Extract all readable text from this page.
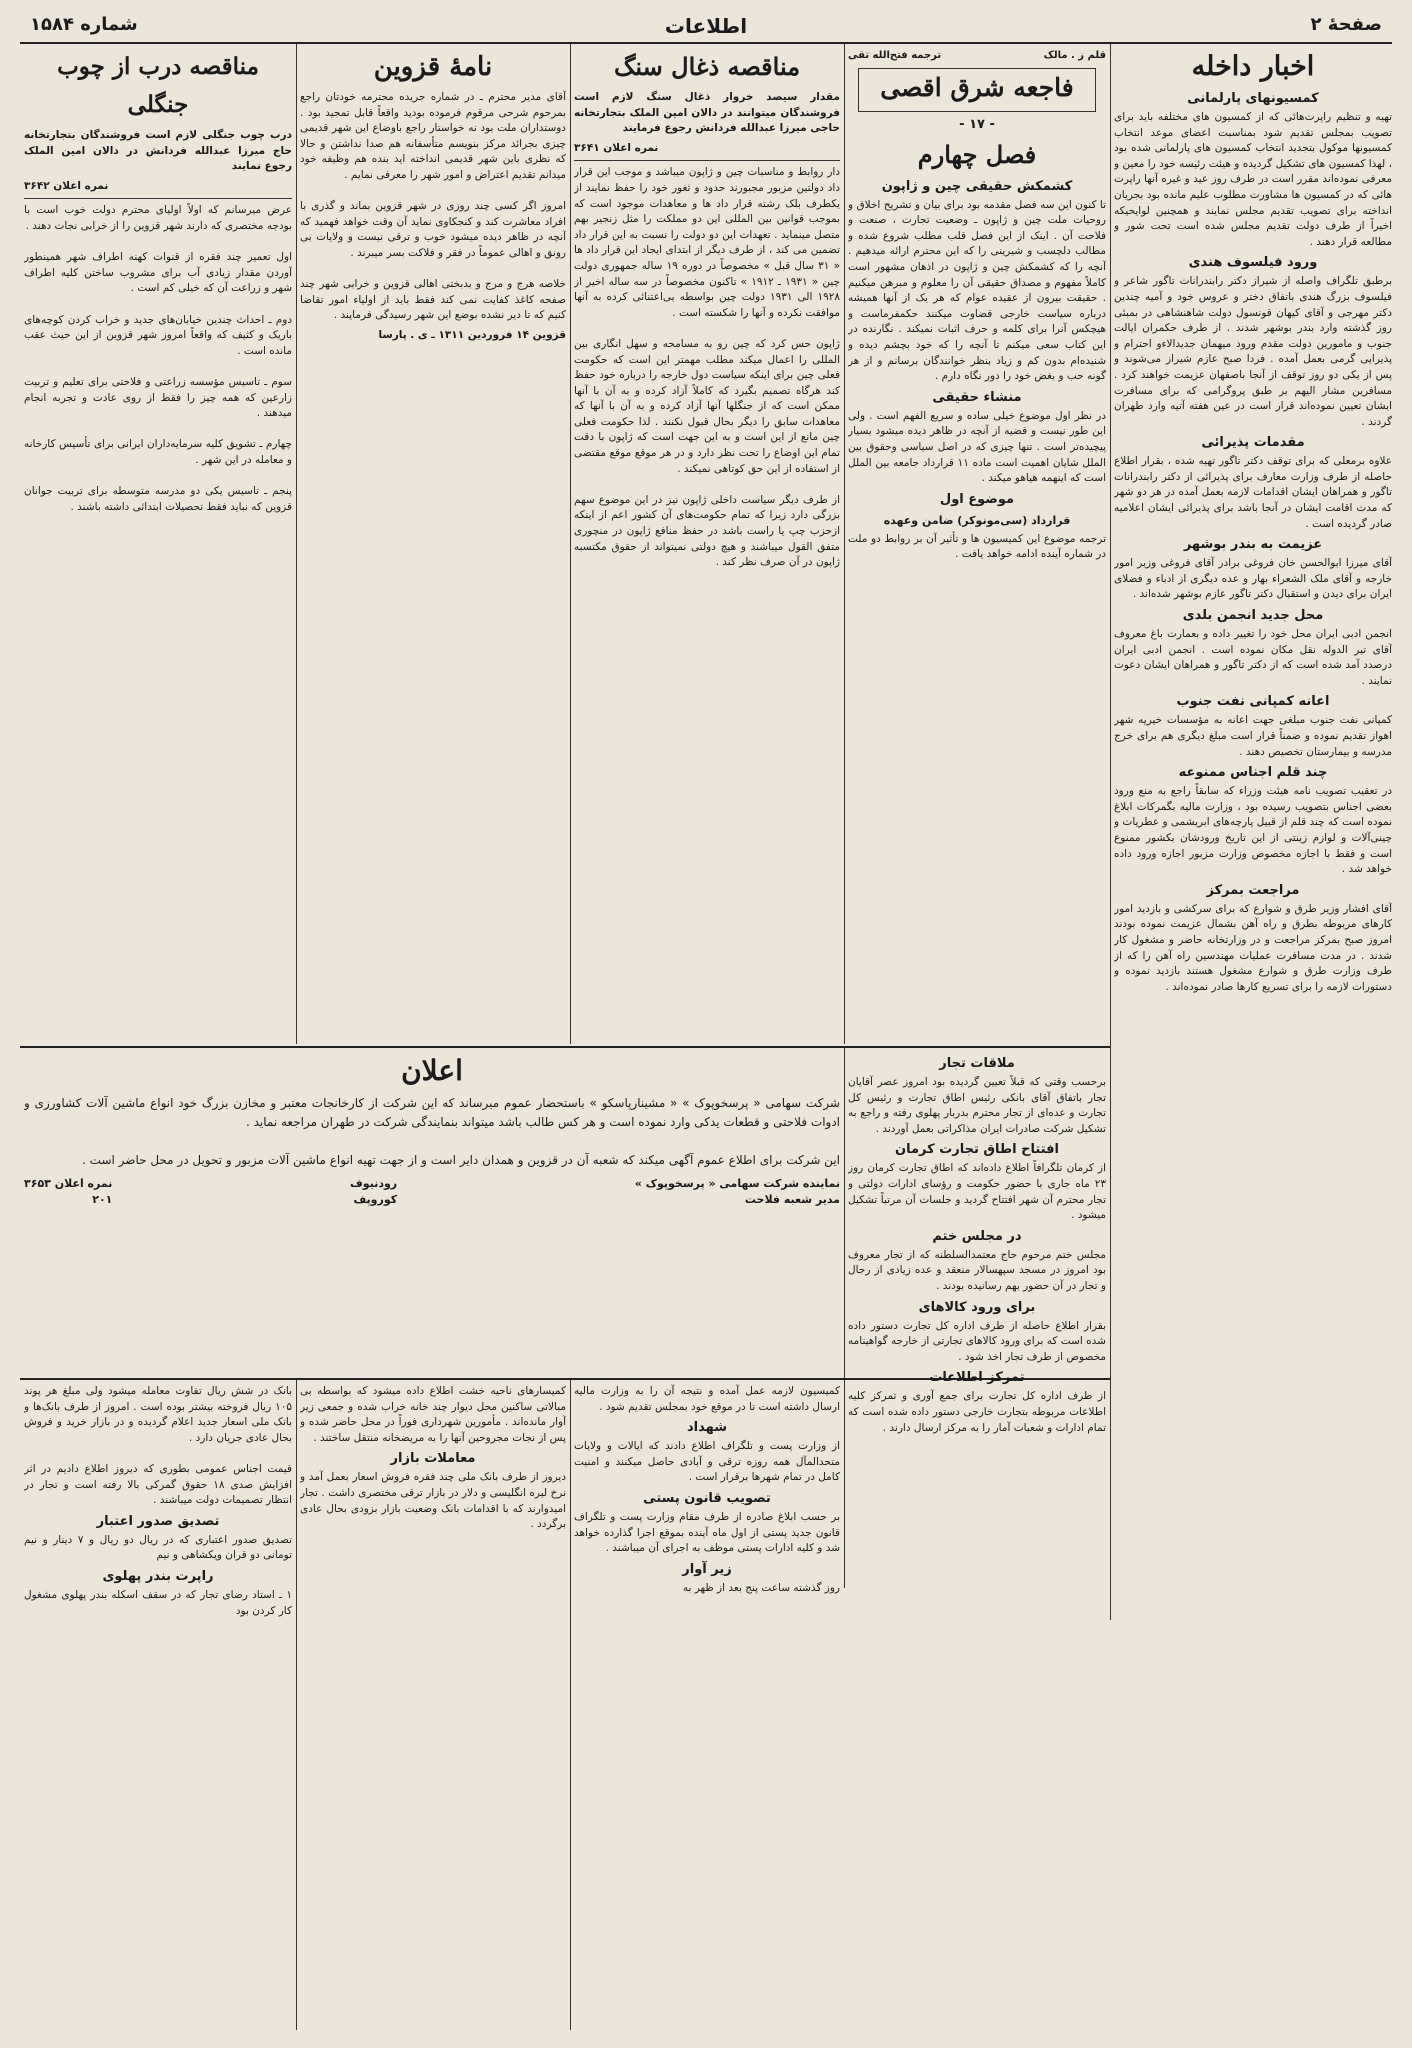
صفحهٔ ۲
اطلاعات
شماره ۱۵۸۴
اخبار داخله
کمسیونهای پارلمانی

تهیه و تنظیم راپرت‌هائی که از کمسیون های مختلفه باید برای تصویب بمجلس تقدیم شود بمناسبت اعضای موعد انتخاب کمسیونها موکول بتجدید انتخاب کمسیون های پارلمانی شده بود ، لهذا کمسیون های تشکیل گردیده و هیئت رئیسه خود را معین و معرفی نموده‌اند مقرر است در طرف روز عید و غیره آنها راپرت هائی که در کمسیون ها مشاورت مطلوب علیم مانده بود بجریان انداخته برای تصویب تقدیم مجلس نمایند و همچنین لوایحیکه اخیراً از طرف دولت تقدیم مجلس شده است تحت شور و مطالعه قرار دهند .

ورود فیلسوف هندی

برطبق تلگراف واصله از شیراز دکتر رابندرانات تاگور شاعر و فیلسوف بزرگ هندی باتفاق دختر و عروس خود و آمیه چندین دکتر مهرجی و آقای کیهان قونسول دولت شاهنشاهی در بمبئی روز گذشته وارد بندر بوشهر شدند . از طرف حکمران ایالت جنوب و مامورین دولت مقدم ورود میهمان جدیدالاءو احترام و پذیرایی گرمی بعمل آمده . فردا صبح عازم شیراز می‌شوند و پس از یکی دو روز توقف از آنجا باصفهان عزیمت خواهند کرد . مسافرین مشار الیهم بر طبق پروگرامی که برای مسافرت ایشان تعیین نموده‌اند قرار است در عین هفته آتیه وارد طهران گردند .

مقدمات پذیرائی

علاوه برمعلی که برای توقف دکتر تاگور تهیه شده ، بقرار اطلاع حاصله از طرف وزارت معارف برای پذیرائی از دکتر رابندرانات تاگور و همراهان ایشان اقدامات لازمه بعمل آمده در هر دو شهر که مدت اقامت ایشان در آنجا باشد برای پذیرائی ایشان اعلامیه صادر گردیده است .

عزیمت به بندر بوشهر

آقای میرزا ابوالحسن خان فروغی برادر آقای فروغی وزیر امور خارجه و آقای ملک الشعراء بهار و عده دیگری از ادباء و فضلای ایران برای دیدن و استقبال دکتر تاگور عازم بوشهر شده‌اند .

محل جدید انجمن بلدی

انجمن ادبی ایران محل خود را تغییر داده و بعمارت باغ معروف آقای تیر الدوله نقل مکان نموده است . انجمن ادبی ایران درصدد آمد شده است که از دکتر تاگور و همراهان ایشان دعوت نمایند .

اعانه کمپانی نفت جنوب

کمپانی نفت جنوب مبلغی جهت اعانه به مؤسسات خیریه شهر اهواز تقدیم نموده و ضمناً قرار است مبلغ دیگری هم برای خرج مدرسه و بیمارستان تخصیص دهند .

چند قلم اجناس ممنوعه

در تعقیب تصویب نامه هیئت وزراء که سابقاً راجع به منع ورود بعضی اجناس بتصویب رسیده بود ، وزارت مالیه بگمرکات ابلاغ نموده است که چند قلم از قبیل پارچه‌های ابریشمی و عطریات و چینی‌آلات و لوازم زینتی از این تاریخ ورودشان بکشور ممنوع است و فقط با اجازه مخصوص وزارت مزبور اجازه ورود داده خواهد شد .

مراجعت بمرکز

آقای افشار وزیر طرق و شوارع که برای سرکشی و بازدید امور کارهای مربوطه بطرق و راه آهن بشمال عزیمت نموده بودند امروز صبح بمرکز مراجعت و در وزارتخانه حاضر و مشغول کار شدند . در مدت مسافرت عملیات مهندسین راه آهن را که از طرف وزارت طرق و شوارع مشغول هستند بازدید نموده و دستورات لازمه را برای تسریع کارها صادر نموده‌اند .

قلم ز . مالک
ترجمه فتح‌الله تقی
فاجعه شرق اقصی
- ۱۷ -
فصل چهارم
کشمکش حقیقی چین و ژاپون

تا کنون این سه فصل مقدمه بود برای بیان و تشریح اخلاق و روحیات ملت چین و ژاپون ـ وضعیت تجارت ، صنعت و فلاحت آن . اینک از این فصل قلب مطلب شروع شده و مطالب دلچسب و شیرینی را که این محترم ارائه میدهیم . آنچه را که کشمکش چین و ژاپون در اذهان مشهور است کاملاً مفهوم و مصداق حقیقی آن را معلوم و مبرهن میکنیم . حقیقت بیرون از عقیده عوام که هر یک از آنها همیشه درباره سیاست خارجی قضاوت میکنند حکمفرماست و هیچکس آنرا برای کلمه و حرف اثبات نمیکند . نگارنده در این کتاب سعی میکنم تا آنچه را که خود بچشم دیده و شنیده‌ام بدون کم و زیاد بنظر خوانندگان برسانم و از هر گونه حب و بغض خود را دور نگاه دارم .

منشاء حقیقی

در نظر اول موضوع خیلی ساده و سریع الفهم است . ولی این طور نیست و قضیه از آنچه در ظاهر دیده میشود بسیار پیچیده‌تر است . تنها چیزی که در اصل سیاسی وحقوق بین الملل شایان اهمیت است ماده ۱۱ قرارداد جامعه بین الملل است که اینهمه هیاهو میکند .

موضوع اول
قرارداد (سی‌مونوکر) ضامن وعهده

ترجمه موضوع این کمیسیون ها و تأثیر آن بر روابط دو ملت در شماره آینده ادامه خواهد یافت .

مناقصه ذغال سنگ

مقدار سیصد خروار ذغال سنگ لازم است فروشندگان میتوانند در دالان امین الملک بتجارتخانه حاجی میرزا عبدالله فردانش رجوع فرمایند

نمره اعلان ۳۶۴۱

دار روابط و مناسبات چین و ژاپون میباشد و موجب این قرار داد دولتین مزبور مجبورند حدود و ثغور خود را حفظ نمایند از یکطرف بلک رشته قرار داد ها و معاهدات موجود است که بموجب قوانین بین المللی این دو مملکت را مثل زنجیر بهم متصل مینماید . تعهدات این دو دولت را نسبت به این قرار داد تضمین می کند ، از طرف دیگر از ابتدای ایجاد این قرار داد ها « ۳۱ سال قبل » مخصوصاً در دوره ۱۹ ساله جمهوری دولت چین « ۱۹۳۱ ـ ۱۹۱۲ » تاکنون مخصوصاً در سه ساله اخیر از ۱۹۲۸ الی ۱۹۳۱ دولت چین بواسطه بی‌اعتنائی کرده به آنها موافقت نکرده و آنها را شکسته است .

ژاپون حس کرد که چین رو به مسامحه و سهل انگاری بین المللی را اعمال میکند مطلب مهمتر این است که حکومت فعلی چین برای اینکه سیاست دول خارجه را درباره خود حفظ کند هرگاه تصمیم بگیرد که کاملاً آزاد کرده و به آن با آنها ممکن است که از جنگلها آنها آزاد کرده و به آن با آنها که معاهدات سابق را دیگر بحال قبول نکنند . لذا حکومت فعلی چین مانع از این است و به این جهت است که ژاپون با دقت تمام این اوضاع را تحت نظر دارد و در هر موقع موقع مقتضی از استفاده از این حق کوتاهی نمیکند .

از طرف دیگر سیاست داخلی ژاپون نیز در این موضوع سهم بزرگی دارد زیرا که تمام حکومت‌های آن کشور اعم از اینکه ازحزب چپ یا راست باشد در حفظ منافع ژاپون در منچوری متفق القول میباشند و هیچ دولتی نمیتواند از حقوق مکتسبه ژاپون در آن صرف نظر کند .

نامهٔ قزوین

آقای مدیر محترم ـ در شماره جریده محترمه خودتان راجع بمرحوم شرحی مرقوم فرموده بودید واقعاً قابل تمجید بود . دوستداران ملت بود نه خواستار راجع باوضاع این شهر قدیمی چیزی بجرائد مرکز بنویسم متأسفانه هم صدا نداشتن و حالا که نظری باین شهر قدیمی انداخته اید بنده هم وظیفه خود میدانم تقدیم اعتراض و امور شهر را معرفی نمایم .

امروز اگر کسی چند روزی در شهر قزوین بماند و گذری با افراد معاشرت کند و کنجکاوی نماید آن وقت خواهد فهمید که آنچه در ظاهر دیده میشود خوب و ترقی نیست و ولایات بی رونق و اهالی عموماً در فقر و فلاکت بسر میبرند .

خلاصه هرج و مرج و بدبختی اهالی قزوین و خرابی شهر چند صفحه کاغذ کفایت نمی کند فقط باید از اولیاء امور تقاضا کنیم که تا دیر نشده بوضع این شهر رسیدگی فرمایند .

قزوین ۱۴ فروردین ۱۳۱۱ ـ ی . پارسا
مناقصه درب از چوب جنگلی

درب چوب جنگلی لازم است فروشندگان بتجارتخانه حاج میرزا عبدالله فردانش در دالان امین الملک رجوع نمایند

نمره اعلان ۳۶۴۲

عرض میرسانم که اولاً اولیای محترم دولت خوب است با بودجه مختصری که دارند شهر قزوین را از خرابی نجات دهند .

اول تعمیر چند فقره از قنوات کهنه اطراف شهر همینطور آوردن مقدار زیادی آب برای مشروب ساختن کلیه اطراف شهر و زراعت آن که خیلی کم است .

دوم ـ احداث چندین خیابان‌های جدید و خراب کردن کوچه‌های باریک و کثیف که واقعاً امروز شهر قزوین از این حیث عقب مانده است .

سوم ـ تاسیس مؤسسه زراعتی و فلاحتی برای تعلیم و تربیت زارعین که همه چیز را فقط از روی عادت و تجربه انجام میدهند .

چهارم ـ تشویق کلیه سرمایه‌داران ایرانی برای تأسیس کارخانه و معامله در این شهر .

پنجم ـ تاسیس یکی دو مدرسه متوسطه برای تربیت جوانان قزوین که نباید فقط تحصیلات ابتدائی داشته باشند .

اعلان

شرکت سهامی « پرسخوپوک » « مشینارپاسکو » باستحضار عموم میرساند که این شرکت از کارخانجات معتبر و مخازن بزرگ خود انواع ماشین آلات کشاورزی و ادوات فلاحتی و قطعات یدکی وارد نموده است و هر کس طالب باشد میتواند بنمایندگی شرکت در طهران مراجعه نماید .

این شرکت برای اطلاع عموم آگهی میکند که شعبه آن در قزوین و همدان دایر است و از جهت تهیه انواع ماشین آلات مزبور و تحویل در محل حاضر است .

نماینده شرکت سهامی « پرسخوپوک »
مدیر شعبه فلاحت
رودنیوف
کوروپف
نمره اعلان ۳۶۵۳
۲۰۱
ملاقات تجار

برحسب وقتی که قبلاً تعیین گردیده بود امروز عصر آقایان تجار باتفاق آقای بانکی رئیس اطاق تجارت و رئیس کل تجارت و عده‌ای از تجار محترم بدربار پهلوی رفته و راجع به تشکیل شرکت صادرات ایران مذاکراتی بعمل آوردند .

افتتاح اطاق تجارت کرمان

از کرمان تلگرافاً اطلاع داده‌اند که اطاق تجارت کرمان روز ۲۳ ماه جاری با حضور حکومت و رؤسای ادارات دولتی و تجار محترم آن شهر افتتاح گردید و جلسات آن مرتباً تشکیل میشود .

در مجلس ختم

مجلس ختم مرحوم حاج معتمدالسلطنه که از تجار معروف بود امروز در مسجد سپهسالار منعقد و عده زیادی از رجال و تجار در آن حضور بهم رسانیده بودند .

برای ورود کالاهای

بقرار اطلاع حاصله از طرف اداره کل تجارت دستور داده شده است که برای ورود کالاهای تجارتی از خارجه گواهینامه مخصوص از طرف تجار اخذ شود .

تمرکز اطلاعات

از طرف اداره کل تجارت برای جمع آوری و تمرکز کلیه اطلاعات مربوطه بتجارت خارجی دستور داده شده است که تمام ادارات و شعبات آمار را به مرکز ارسال دارند .

کمیسیون لازمه عمل آمده و نتیجه آن را به وزارت مالیه ارسال داشته است تا در موقع خود بمجلس تقدیم شود .

شهداد

از وزارت پست و تلگراف اطلاع دادند که ایالات و ولایات متحدالمآل همه روزه ترقی و آبادی حاصل میکنند و امنیت کامل در تمام شهرها برقرار است .

تصویب قانون پستی

بر حسب ابلاغ صادره از طرف مقام وزارت پست و تلگراف قانون جدید پستی از اول ماه آینده بموقع اجرا گذارده خواهد شد و کلیه ادارات پستی موظف به اجرای آن میباشند .

زیر آوار

روز گذشته ساعت پنج بعد از ظهر به

کمیسارهای ناحیه خشت اطلاع داده میشود که بواسطه بی مبالاتی ساکنین محل دیوار چند خانه خراب شده و جمعی زیر آوار مانده‌اند . مأمورین شهرداری فوراً در محل حاضر شده و پس از نجات مجروحین آنها را به مریضخانه منتقل ساختند .

معاملات بازار

دیروز از طرف بانک ملی چند فقره فروش اسعار بعمل آمد و نرخ لیره انگلیسی و دلار در بازار ترقی مختصری داشت . تجار امیدوارند که با اقدامات بانک وضعیت بازار بزودی بحال عادی برگردد .

بانک در شش ریال تفاوت معامله میشود ولی مبلغ هر پوند ۱۰۵ ریال فروخته بیشتر بوده است . امروز از طرف بانک‌ها و بانک ملی اسعار جدید اعلام گردیده و در بازار خرید و فروش بحال عادی جریان دارد .

قیمت اجناس عمومی بطوری که دیروز اطلاع دادیم در اثر افزایش صدی ۱۸ حقوق گمرکی بالا رفته است و تجار در انتظار تصمیمات دولت میباشند .

تصدیق صدور اعتبار

تصدیق صدور اعتباری که در ریال دو ریال و ۷ دینار و نیم تومانی دو قران ویکشاهی و نیم

راپرت بندر پهلوی

۱ ـ استاد رضای تجار که در سقف اسکله بندر پهلوی مشغول کار کردن بود
